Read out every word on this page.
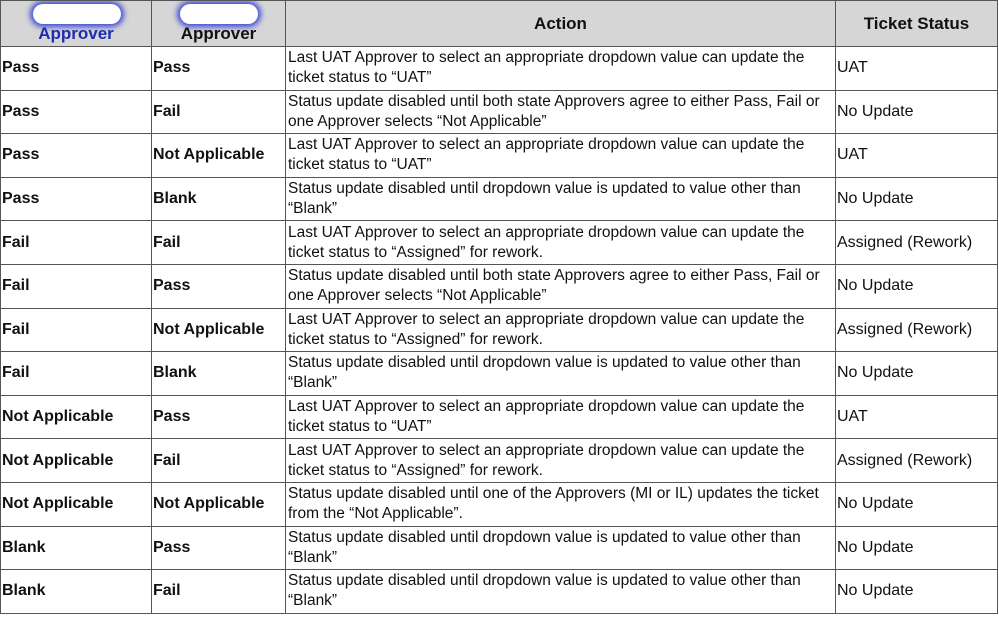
Approver	Approver	Action	Ticket Status
Pass	Pass	Last UAT Approver to select an appropriate dropdown value can update the ticket status to “UAT”	UAT
Pass	Fail	Status update disabled until both state Approvers agree to either Pass, Fail or one Approver selects “Not Applicable”	No Update
Pass	Not Applicable	Last UAT Approver to select an appropriate dropdown value can update the ticket status to “UAT”	UAT
Pass	Blank	Status update disabled until dropdown value is updated to value other than “Blank”	No Update
Fail	Fail	Last UAT Approver to select an appropriate dropdown value can update the ticket status to “Assigned” for rework.	Assigned (Rework)
Fail	Pass	Status update disabled until both state Approvers agree to either Pass, Fail or one Approver selects “Not Applicable”	No Update
Fail	Not Applicable	Last UAT Approver to select an appropriate dropdown value can update the ticket status to “Assigned” for rework.	Assigned (Rework)
Fail	Blank	Status update disabled until dropdown value is updated to value other than “Blank”	No Update
Not Applicable	Pass	Last UAT Approver to select an appropriate dropdown value can update the ticket status to “UAT”	UAT
Not Applicable	Fail	Last UAT Approver to select an appropriate dropdown value can update the ticket status to “Assigned” for rework.	Assigned (Rework)
Not Applicable	Not Applicable	Status update disabled until one of the Approvers (MI or IL) updates the ticket from the “Not Applicable”.	No Update
Blank	Pass	Status update disabled until dropdown value is updated to value other than “Blank”	No Update
Blank	Fail	Status update disabled until dropdown value is updated to value other than “Blank”	No Update
